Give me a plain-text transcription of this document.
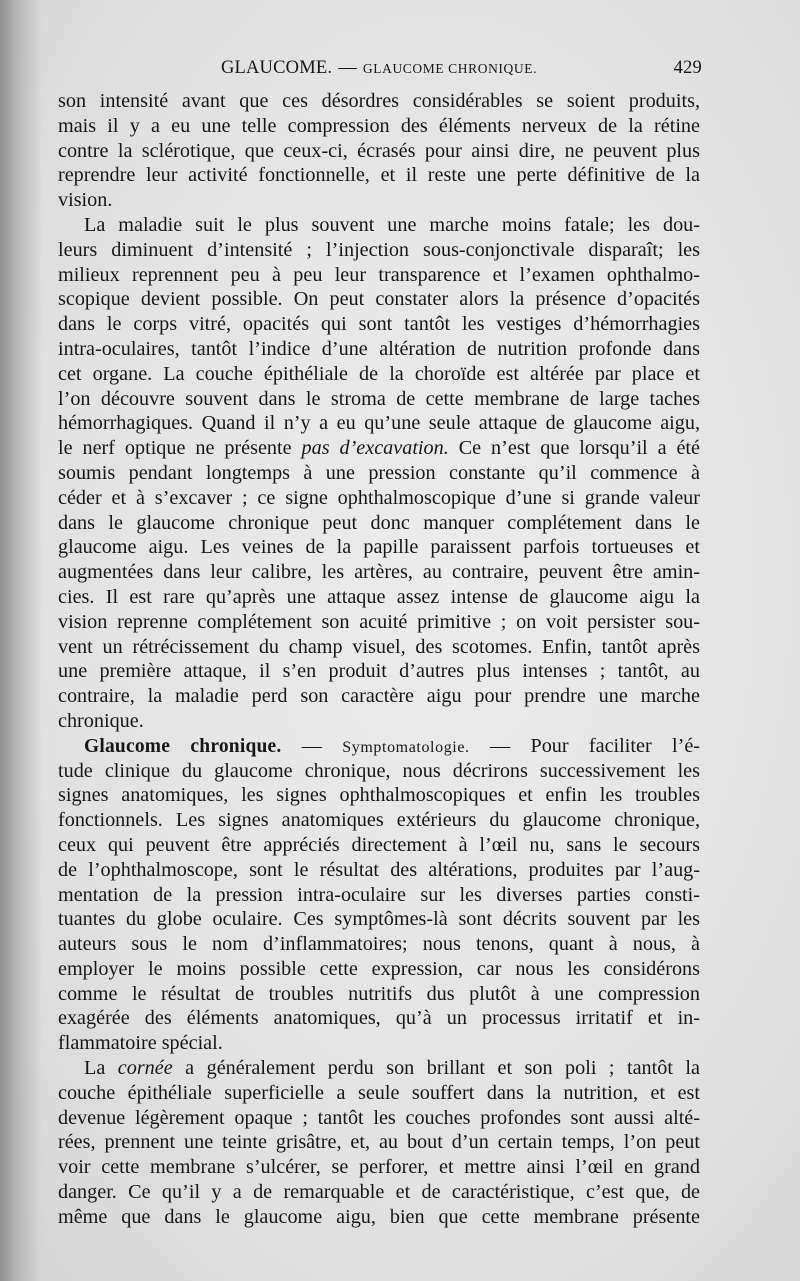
GLAUCOME. — GLAUCOME CHRONIQUE.	429
son intensité avant que ces désordres considérables se soient produits,
mais il y a eu une telle compression des éléments nerveux de la rétine
contre la sclérotique, que ceux-ci, écrasés pour ainsi dire, ne peuvent plus
reprendre leur activité fonctionnelle, et il reste une perte définitive de la
vision.
La maladie suit le plus souvent une marche moins fatale; les dou-
leurs diminuent d’intensité ; l’injection sous-conjonctivale disparaît; les
milieux reprennent peu à peu leur transparence et l’examen ophthalmo-
scopique devient possible. On peut constater alors la présence d’opacités
dans le corps vitré, opacités qui sont tantôt les vestiges d’hémorrhagies
intra-oculaires, tantôt l’indice d’une altération de nutrition profonde dans
cet organe. La couche épithéliale de la choroïde est altérée par place et
l’on découvre souvent dans le stroma de cette membrane de large taches
hémorrhagiques. Quand il n’y a eu qu’une seule attaque de glaucome aigu,
le nerf optique ne présente pas d’excavation. Ce n’est que lorsqu’il a été
soumis pendant longtemps à une pression constante qu’il commence à
céder et à s’excaver ; ce signe ophthalmoscopique d’une si grande valeur
dans le glaucome chronique peut donc manquer complétement dans le
glaucome aigu. Les veines de la papille paraissent parfois tortueuses et
augmentées dans leur calibre, les artères, au contraire, peuvent être amin-
cies. Il est rare qu’après une attaque assez intense de glaucome aigu la
vision reprenne complétement son acuité primitive ; on voit persister sou-
vent un rétrécissement du champ visuel, des scotomes. Enfin, tantôt après
une première attaque, il s’en produit d’autres plus intenses ; tantôt, au
contraire, la maladie perd son caractère aigu pour prendre une marche
chronique.
Glaucome chronique. — Symptomatologie. — Pour faciliter l’é-
tude clinique du glaucome chronique, nous décrirons successivement les
signes anatomiques, les signes ophthalmoscopiques et enfin les troubles
fonctionnels. Les signes anatomiques extérieurs du glaucome chronique,
ceux qui peuvent être appréciés directement à l’œil nu, sans le secours
de l’ophthalmoscope, sont le résultat des altérations, produites par l’aug-
mentation de la pression intra-oculaire sur les diverses parties consti-
tuantes du globe oculaire. Ces symptômes-là sont décrits souvent par les
auteurs sous le nom d’inflammatoires; nous tenons, quant à nous, à
employer le moins possible cette expression, car nous les considérons
comme le résultat de troubles nutritifs dus plutôt à une compression
exagérée des éléments anatomiques, qu’à un processus irritatif et in-
flammatoire spécial.
La cornée a généralement perdu son brillant et son poli ; tantôt la
couche épithéliale superficielle a seule souffert dans la nutrition, et est
devenue légèrement opaque ; tantôt les couches profondes sont aussi alté-
rées, prennent une teinte grisâtre, et, au bout d’un certain temps, l’on peut
voir cette membrane s’ulcérer, se perforer, et mettre ainsi l’œil en grand
danger. Ce qu’il y a de remarquable et de caractéristique, c’est que, de
même que dans le glaucome aigu, bien que cette membrane présente
